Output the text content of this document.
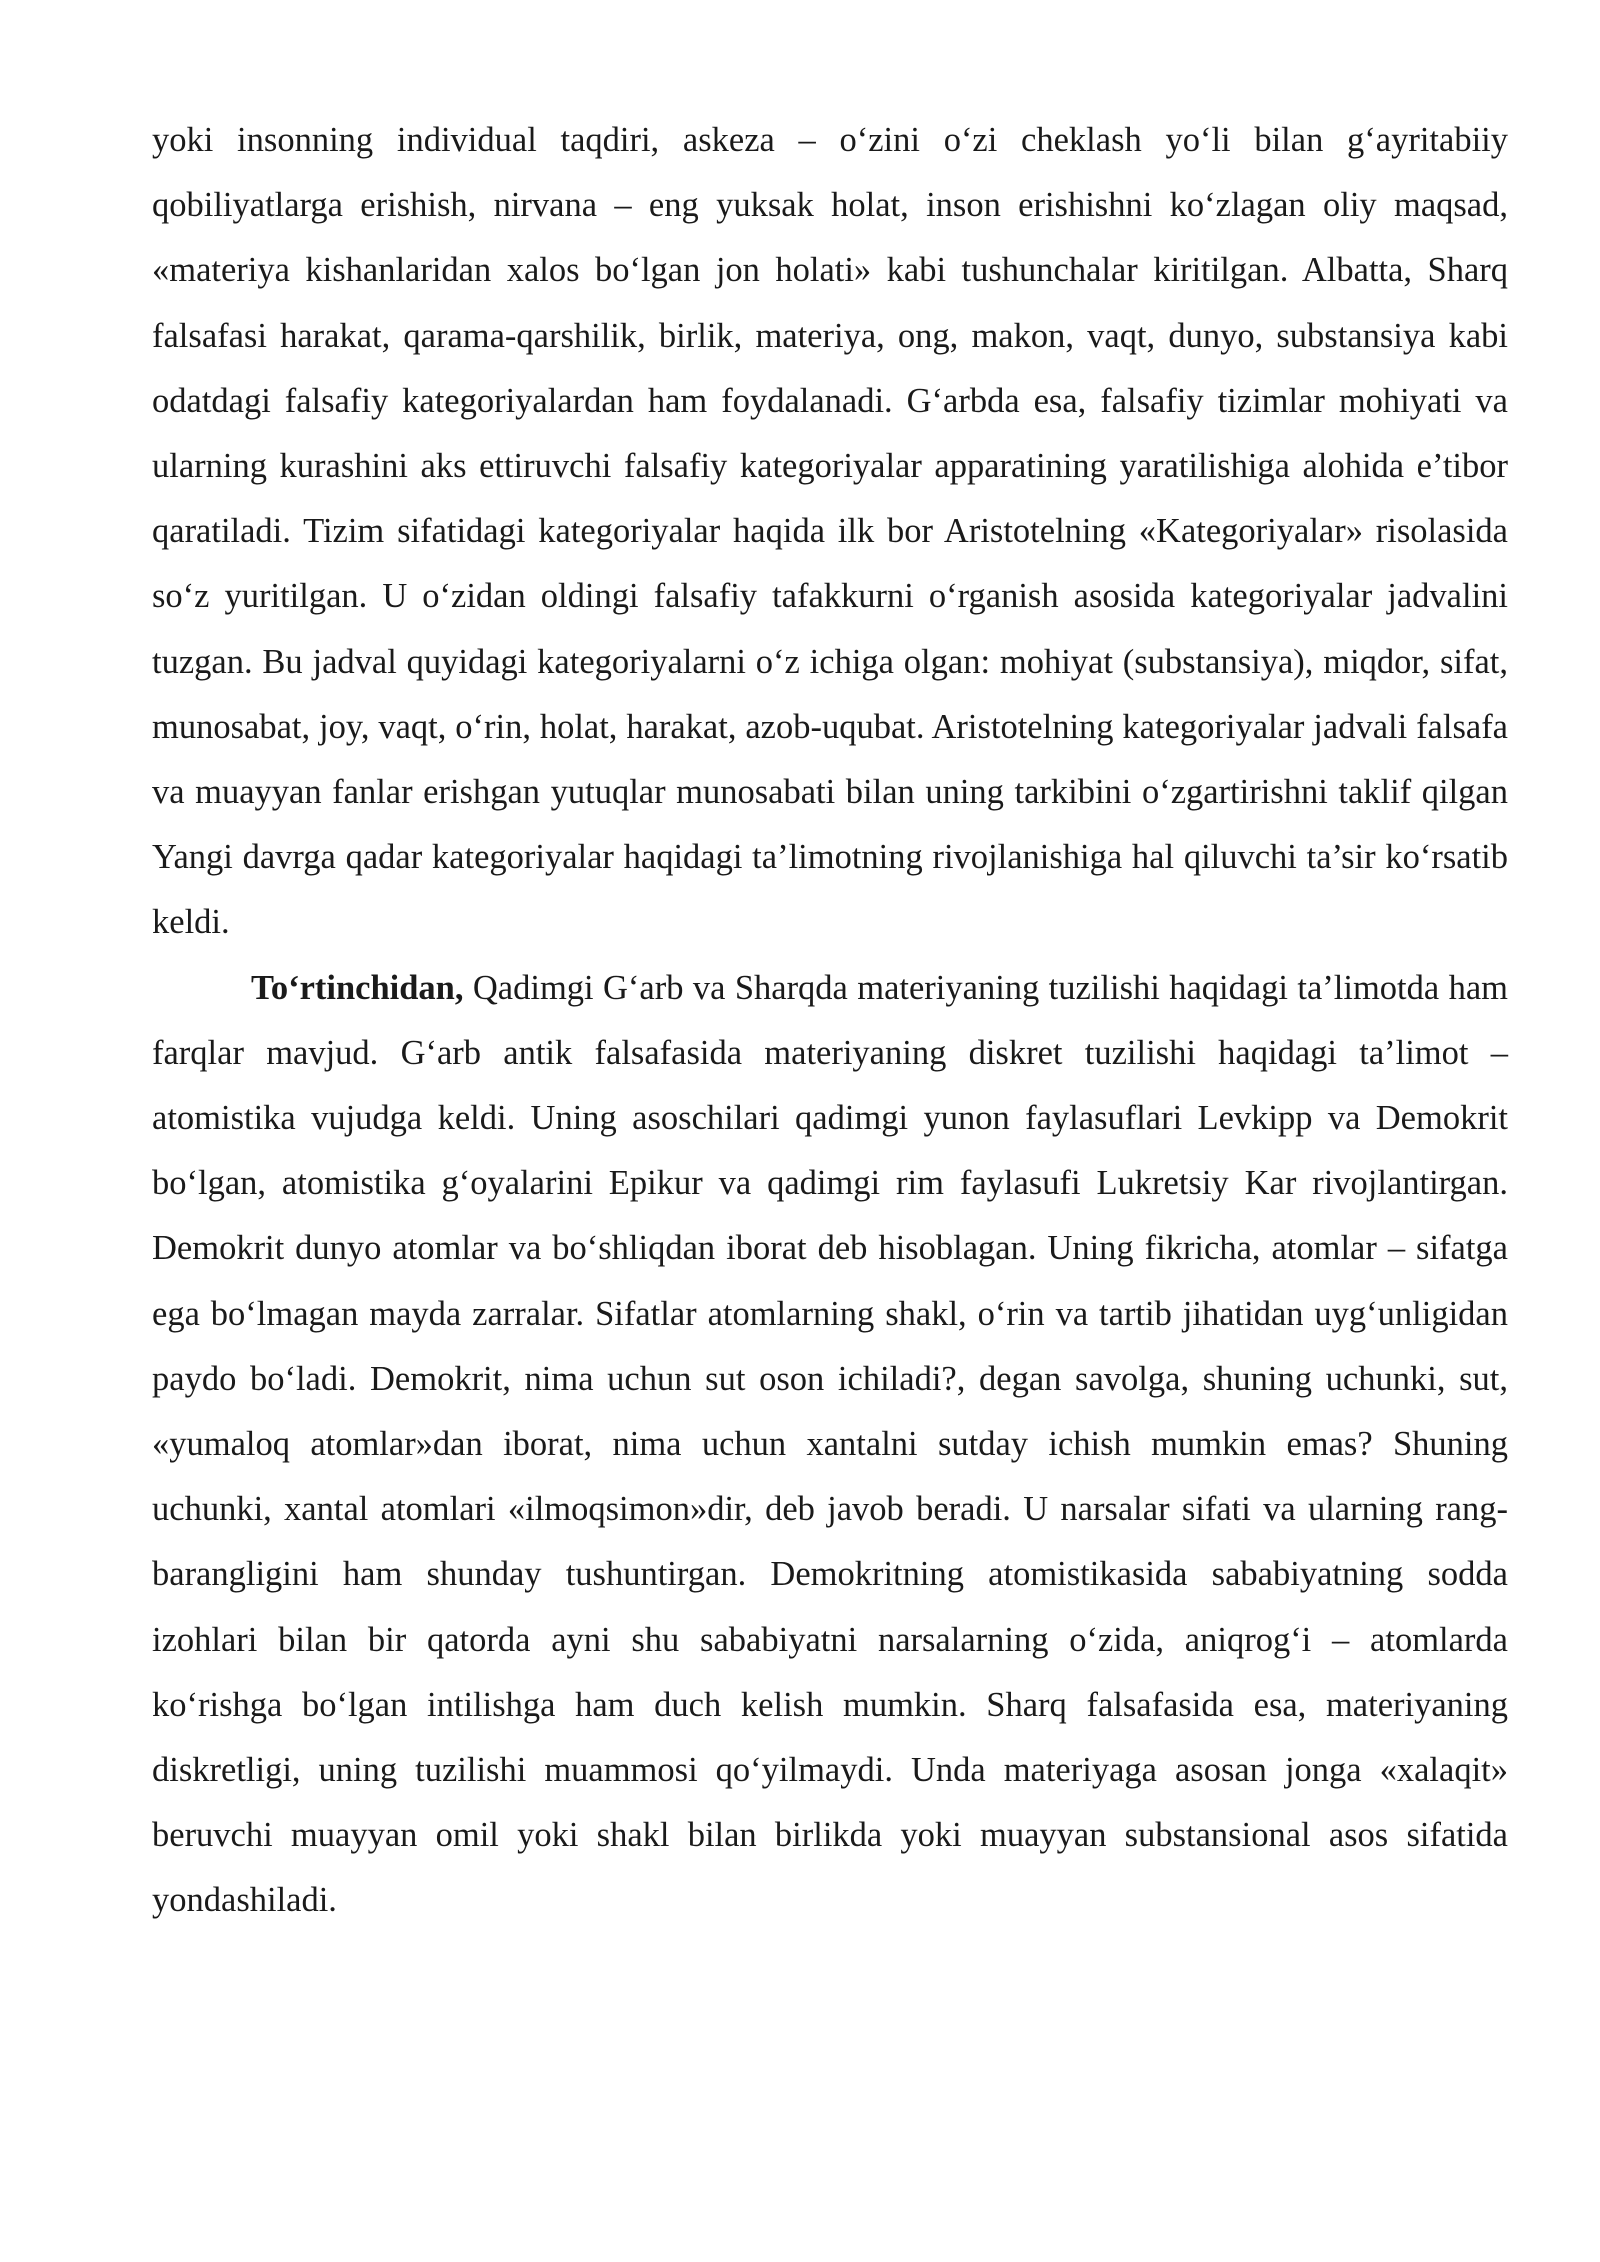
yoki insonning individual taqdiri, askeza – o‘zini o‘zi cheklash yo‘li bilan g‘ayritabiiy qobiliyatlarga erishish, nirvana – eng yuksak holat, inson erishishni ko‘zlagan oliy maqsad, «materiya kishanlaridan xalos bo‘lgan jon holati» kabi tushunchalar kiritilgan. Albatta, Sharq falsafasi harakat, qarama-qarshilik, birlik, materiya, ong, makon, vaqt, dunyo, substansiya kabi odatdagi falsafiy kategoriyalardan ham foydalanadi. G‘arbda esa, falsafiy tizimlar mohiyati va ularning kurashini aks ettiruvchi falsafiy kategoriyalar apparatining yaratilishiga alohida e’tibor qaratiladi. Tizim sifatidagi kategoriyalar haqida ilk bor Aristotelning «Kategoriyalar» risolasida so‘z yuritilgan. U o‘zidan oldingi falsafiy tafakkurni o‘rganish asosida kategoriyalar jadvalini tuzgan. Bu jadval quyidagi kategoriyalarni o‘z ichiga olgan: mohiyat (substansiya), miqdor, sifat, munosabat, joy, vaqt, o‘rin, holat, harakat, azob-uqubat. Aristotelning kategoriyalar jadvali falsafa va muayyan fanlar erishgan yutuqlar munosabati bilan uning tarkibini o‘zgartirishni taklif qilgan Yangi davrga qadar kategoriyalar haqidagi ta’limotning rivojlanishiga hal qiluvchi ta’sir ko‘rsatib keldi.

To‘rtinchidan, Qadimgi G‘arb va Sharqda materiyaning tuzilishi haqidagi ta’limotda ham farqlar mavjud. G‘arb antik falsafasida materiyaning diskret tuzilishi haqidagi ta’limot – atomistika vujudga keldi. Uning asoschilari qadimgi yunon faylasuflari Levkipp va Demokrit bo‘lgan, atomistika g‘oyalarini Epikur va qadimgi rim faylasufi Lukretsiy Kar rivojlantirgan. Demokrit dunyo atomlar va bo‘shliqdan iborat deb hisoblagan. Uning fikricha, atomlar – sifatga ega bo‘lmagan mayda zarralar. Sifatlar atomlarning shakl, o‘rin va tartib jihatidan uyg‘unligidan paydo bo‘ladi. Demokrit, nima uchun sut oson ichiladi?, degan savolga, shuning uchunki, sut, «yumaloq atomlar»dan iborat, nima uchun xantalni sutday ichish mumkin emas? Shuning uchunki, xantal atomlari «ilmoqsimon»dir, deb javob beradi. U narsalar sifati va ularning rang-barangligini ham shunday tushuntirgan. Demokritning atomistikasida sababiyatning sodda izohlari bilan bir qatorda ayni shu sababiyatni narsalarning o‘zida, aniqrog‘i – atomlarda ko‘rishga bo‘lgan intilishga ham duch kelish mumkin. Sharq falsafasida esa, materiyaning diskretligi, uning tuzilishi muammosi qo‘yilmaydi. Unda materiyaga asosan jonga «xalaqit» beruvchi muayyan omil yoki shakl bilan birlikda yoki muayyan substansional asos sifatida yondashiladi.
